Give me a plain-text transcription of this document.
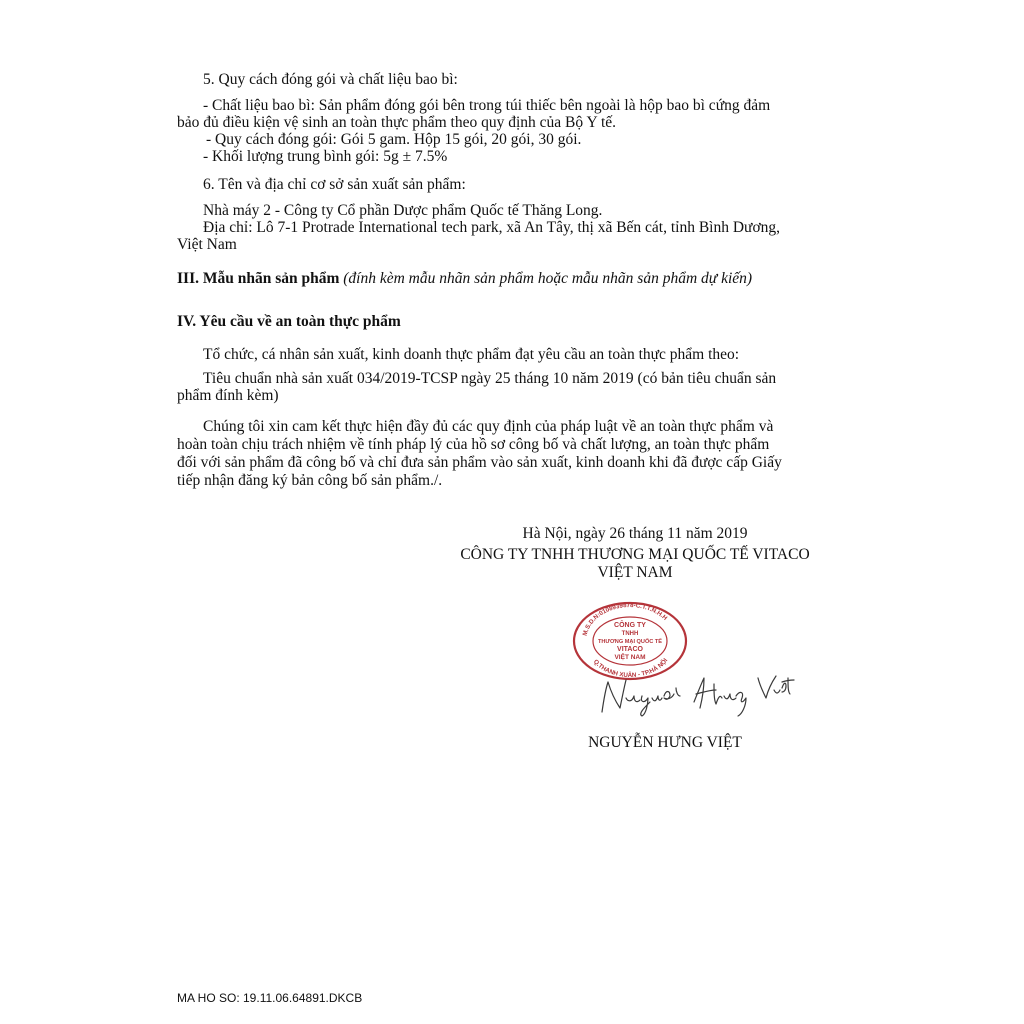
5. Quy cách đóng gói và chất liệu bao bì:
- Chất liệu bao bì: Sản phẩm đóng gói bên trong túi thiếc bên ngoài là hộp bao bì cứng đảm
bảo đủ điều kiện vệ sinh an toàn thực phẩm theo quy định của Bộ Y tế.
- Quy cách đóng gói: Gói 5 gam. Hộp 15 gói, 20 gói, 30 gói.
- Khối lượng trung bình gói: 5g ± 7.5%
6. Tên và địa chỉ cơ sở sản xuất sản phẩm:
Nhà máy 2 - Công ty Cổ phần Dược phẩm Quốc tế Thăng Long.
Địa chỉ: Lô 7-1 Protrade International tech park, xã An Tây, thị xã Bến cát, tỉnh Bình Dương,
Việt Nam
III. Mẫu nhãn sản phẩm (đính kèm mẫu nhãn sản phẩm hoặc mẫu nhãn sản phẩm dự kiến)
IV. Yêu cầu về an toàn thực phẩm
Tổ chức, cá nhân sản xuất, kinh doanh thực phẩm đạt yêu cầu an toàn thực phẩm theo:
Tiêu chuẩn nhà sản xuất 034/2019-TCSP ngày 25 tháng 10 năm 2019 (có bản tiêu chuẩn sản
phẩm đính kèm)
Chúng tôi xin cam kết thực hiện đầy đủ các quy định của pháp luật về an toàn thực phẩm và
hoàn toàn chịu trách nhiệm về tính pháp lý của hồ sơ công bố và chất lượng, an toàn thực phẩm
đối với sản phẩm đã công bố và chỉ đưa sản phẩm vào sản xuất, kinh doanh khi đã được cấp Giấy
tiếp nhận đăng ký bản công bố sản phẩm./.
Hà Nội, ngày 26 tháng 11 năm 2019
CÔNG TY TNHH THƯƠNG MẠI QUỐC TẾ VITACO
VIỆT NAM
M.S.D.N:0108939878-C.T.T.N.H.H
Q.THANH XUÂN - TP.HÀ NỘI
CÔNG TY
TNHH
THƯƠNG MẠI QUỐC TẾ
VITACO
VIỆT NAM
NGUYỄN HƯNG VIỆT
MA HO SO: 19.11.06.64891.DKCB
